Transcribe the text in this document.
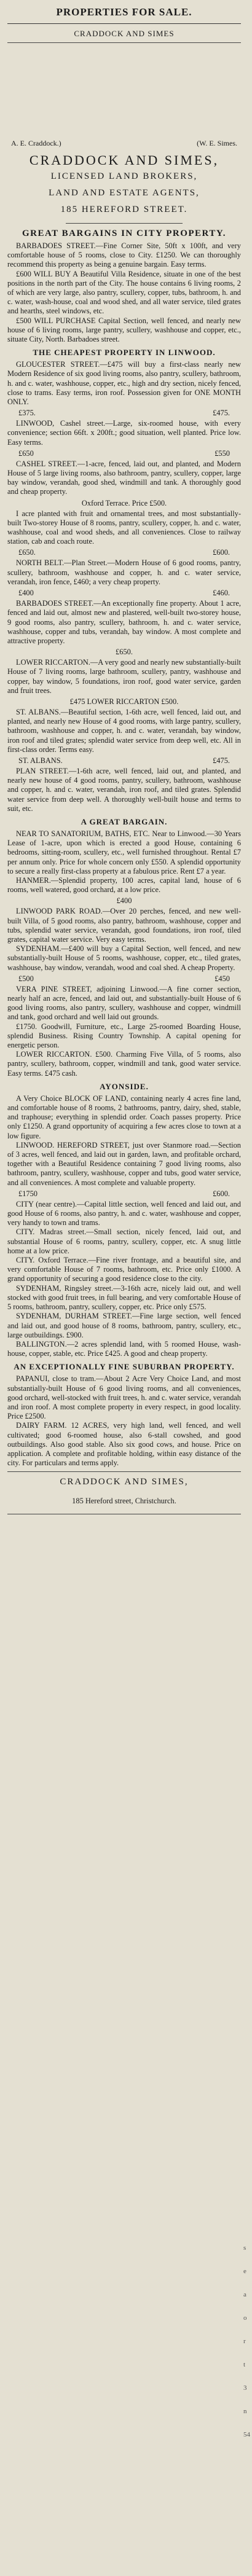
PROPERTIES FOR SALE.

CRADDOCK AND SIMES

A. E. Craddock.)	(W. E. Simes.
CRADDOCK AND SIMES,
LICENSED LAND BROKERS,
LAND AND ESTATE AGENTS,
185 HEREFORD STREET.

GREAT BARGAINS IN CITY PROPERTY.

BARBADOES STREET.—Fine Corner Site, 50ft x 100ft, and very comfortable house of 5 rooms, close to City. £1250. We can thoroughly recommend this property as being a genuine bargain. Easy terms.

£600 WILL BUY A Beautiful Villa Residence, situate in one of the best positions in the north part of the City. The house contains 6 living rooms, 2 of which are very large, also pantry, scullery, copper, tubs, bathroom, h. and c. water, wash-house, coal and wood shed, and all water service, tiled grates and hearths, steel windows, etc.

£500 WILL PURCHASE Capital Section, well fenced, and nearly new house of 6 living rooms, large pantry, scullery, washhouse and copper, etc., situate City, North. Barbadoes street.

THE CHEAPEST PROPERTY IN LINWOOD.

GLOUCESTER STREET.—£475 will buy a first-class nearly new Modern Residence of six good living rooms, also pantry, scullery, bathroom, h. and c. water, washhouse, copper, etc., high and dry section, nicely fenced, close to trams. Easy terms, iron roof. Possession given for ONE MONTH ONLY.

£375.	£475.

LINWOOD, Cashel street.—Large, six-roomed house, with every convenience; section 66ft. x 200ft.; good situation, well planted. Price low. Easy terms.

£650	£550

CASHEL STREET.—1-acre, fenced, laid out, and planted, and Modern House of 5 large living rooms, also bathroom, pantry, scullery, copper, large bay window, verandah, good shed, windmill and tank. A thoroughly good and cheap property.

Oxford Terrace. Price £500.

I acre planted with fruit and ornamental trees, and most substantially-built Two-storey House of 8 rooms, pantry, scullery, copper, h. and c. water, washhouse, coal and wood sheds, and all conveniences. Close to railway station, cab and coach route.

£650.	£600.

NORTH BELT.—Plan Street.—Modern House of 6 good rooms, pantry, scullery, bathroom, washhouse and copper, h. and c. water service, verandah, iron fence, £460; a very cheap property.

£400	£460.

BARBADOES STREET.—An exceptionally fine property. About 1 acre, fenced and laid out, almost new and plastered, well-built two-storey house, 9 good rooms, also pantry, scullery, bathroom, h. and c. water service, washhouse, copper and tubs, verandah, bay window. A most complete and attractive property.

£650.

LOWER RICCARTON.—A very good and nearly new substantially-built House of 7 living rooms, large bathroom, scullery, pantry, washhouse and copper, bay window, 5 foundations, iron roof, good water service, garden and fruit trees.

£475 LOWER RICCARTON £500.

ST. ALBANS.—Beautiful section, 1-6th acre, well fenced, laid out, and planted, and nearly new House of 4 good rooms, with large pantry, scullery, bathroom, washhouse and copper, h. and c. water, verandah, bay window, iron roof and tiled grates; splendid water service from deep well, etc. All in first-class order. Terms easy.

ST. ALBANS.	£475.

PLAN STREET.—1-6th acre, well fenced, laid out, and planted, and nearly new house of 4 good rooms, pantry, scullery, bathroom, washhouse and copper, h. and c. water, verandah, iron roof, and tiled grates. Splendid water service from deep well. A thoroughly well-built house and terms to suit, etc.

A GREAT BARGAIN.

NEAR TO SANATORIUM, BATHS, ETC. Near to Linwood.—30 Years Lease of 1-acre, upon which is erected a good House, containing 6 bedrooms, sitting-room, scullery, etc., well furnished throughout. Rental £7 per annum only. Price for whole concern only £550. A splendid opportunity to secure a really first-class property at a fabulous price. Rent £7 a year.

HANMER.—Splendid property, 100 acres, capital land, house of 6 rooms, well watered, good orchard, at a low price.

£400

LINWOOD PARK ROAD.—Over 20 perches, fenced, and new well-built Villa, of 5 good rooms, also pantry, bathroom, washhouse, copper and tubs, splendid water service, verandah, good foundations, iron roof, tiled grates, capital water service. Very easy terms.

SYDENHAM.—£400 will buy a Capital Section, well fenced, and new substantially-built House of 5 rooms, washhouse, copper, etc., tiled grates, washhouse, bay window, verandah, wood and coal shed. A cheap Property.

£500	£450

VERA PINE STREET, adjoining Linwood.—A fine corner section, nearly half an acre, fenced, and laid out, and substantially-built House of 6 good living rooms, also pantry, scullery, washhouse and copper, windmill and tank, good orchard and well laid out grounds.

£1750. Goodwill, Furniture, etc., Large 25-roomed Boarding House, splendid Business. Rising Country Township. A capital opening for energetic person.

LOWER RICCARTON. £500. Charming Five Villa, of 5 rooms, also pantry, scullery, bathroom, copper, windmill and tank, good water service. Easy terms. £475 cash.

AYONSIDE.

A Very Choice BLOCK OF LAND, containing nearly 4 acres fine land, and comfortable house of 8 rooms, 2 bathrooms, pantry, dairy, shed, stable, and traphouse; everything in splendid order. Coach passes property. Price only £1250. A grand opportunity of acquiring a few acres close to town at a low figure.

LINWOOD. HEREFORD STREET, just over Stanmore road.—Section of 3 acres, well fenced, and laid out in garden, lawn, and profitable orchard, together with a Beautiful Residence containing 7 good living rooms, also bathroom, pantry, scullery, washhouse, copper and tubs, good water service, and all conveniences. A most complete and valuable property.

£1750	£600.

CITY (near centre).—Capital little section, well fenced and laid out, and good House of 6 rooms, also pantry, h. and c. water, washhouse and copper, very handy to town and trams.

CITY. Madras street.—Small section, nicely fenced, laid out, and substantial House of 6 rooms, pantry, scullery, copper, etc. A snug little home at a low price.

CITY. Oxford Terrace.—Fine river frontage, and a beautiful site, and very comfortable House of 7 rooms, bathroom, etc. Price only £1000. A grand opportunity of securing a good residence close to the city.

SYDENHAM, Ringsley street.—3-16th acre, nicely laid out, and well stocked with good fruit trees, in full bearing, and very comfortable House of 5 rooms, bathroom, pantry, scullery, copper, etc. Price only £575.

SYDENHAM, DURHAM STREET.—Fine large section, well fenced and laid out, and good house of 8 rooms, bathroom, pantry, scullery, etc., large outbuildings. £900.

BALLINGTON.—2 acres splendid land, with 5 roomed House, wash-house, copper, stable, etc. Price £425. A good and cheap property.

AN EXCEPTIONALLY FINE SUBURBAN PROPERTY.

PAPANUI, close to tram.—About 2 Acre Very Choice Land, and most substantially-built House of 6 good living rooms, and all conveniences, good orchard, well-stocked with fruit trees, h. and c. water service, verandah and iron roof. A most complete property in every respect, in good locality. Price £2500.

DAIRY FARM. 12 ACRES, very high land, well fenced, and well cultivated; good 6-roomed house, also 6-stall cowshed, and good outbuildings. Also good stable. Also six good cows, and house. Price on application. A complete and profitable holding, within easy distance of the city. For particulars and terms apply.

CRADDOCK AND SIMES,

185 Hereford street, Christchurch.

s
e
a
o
r
t
3
n
54
